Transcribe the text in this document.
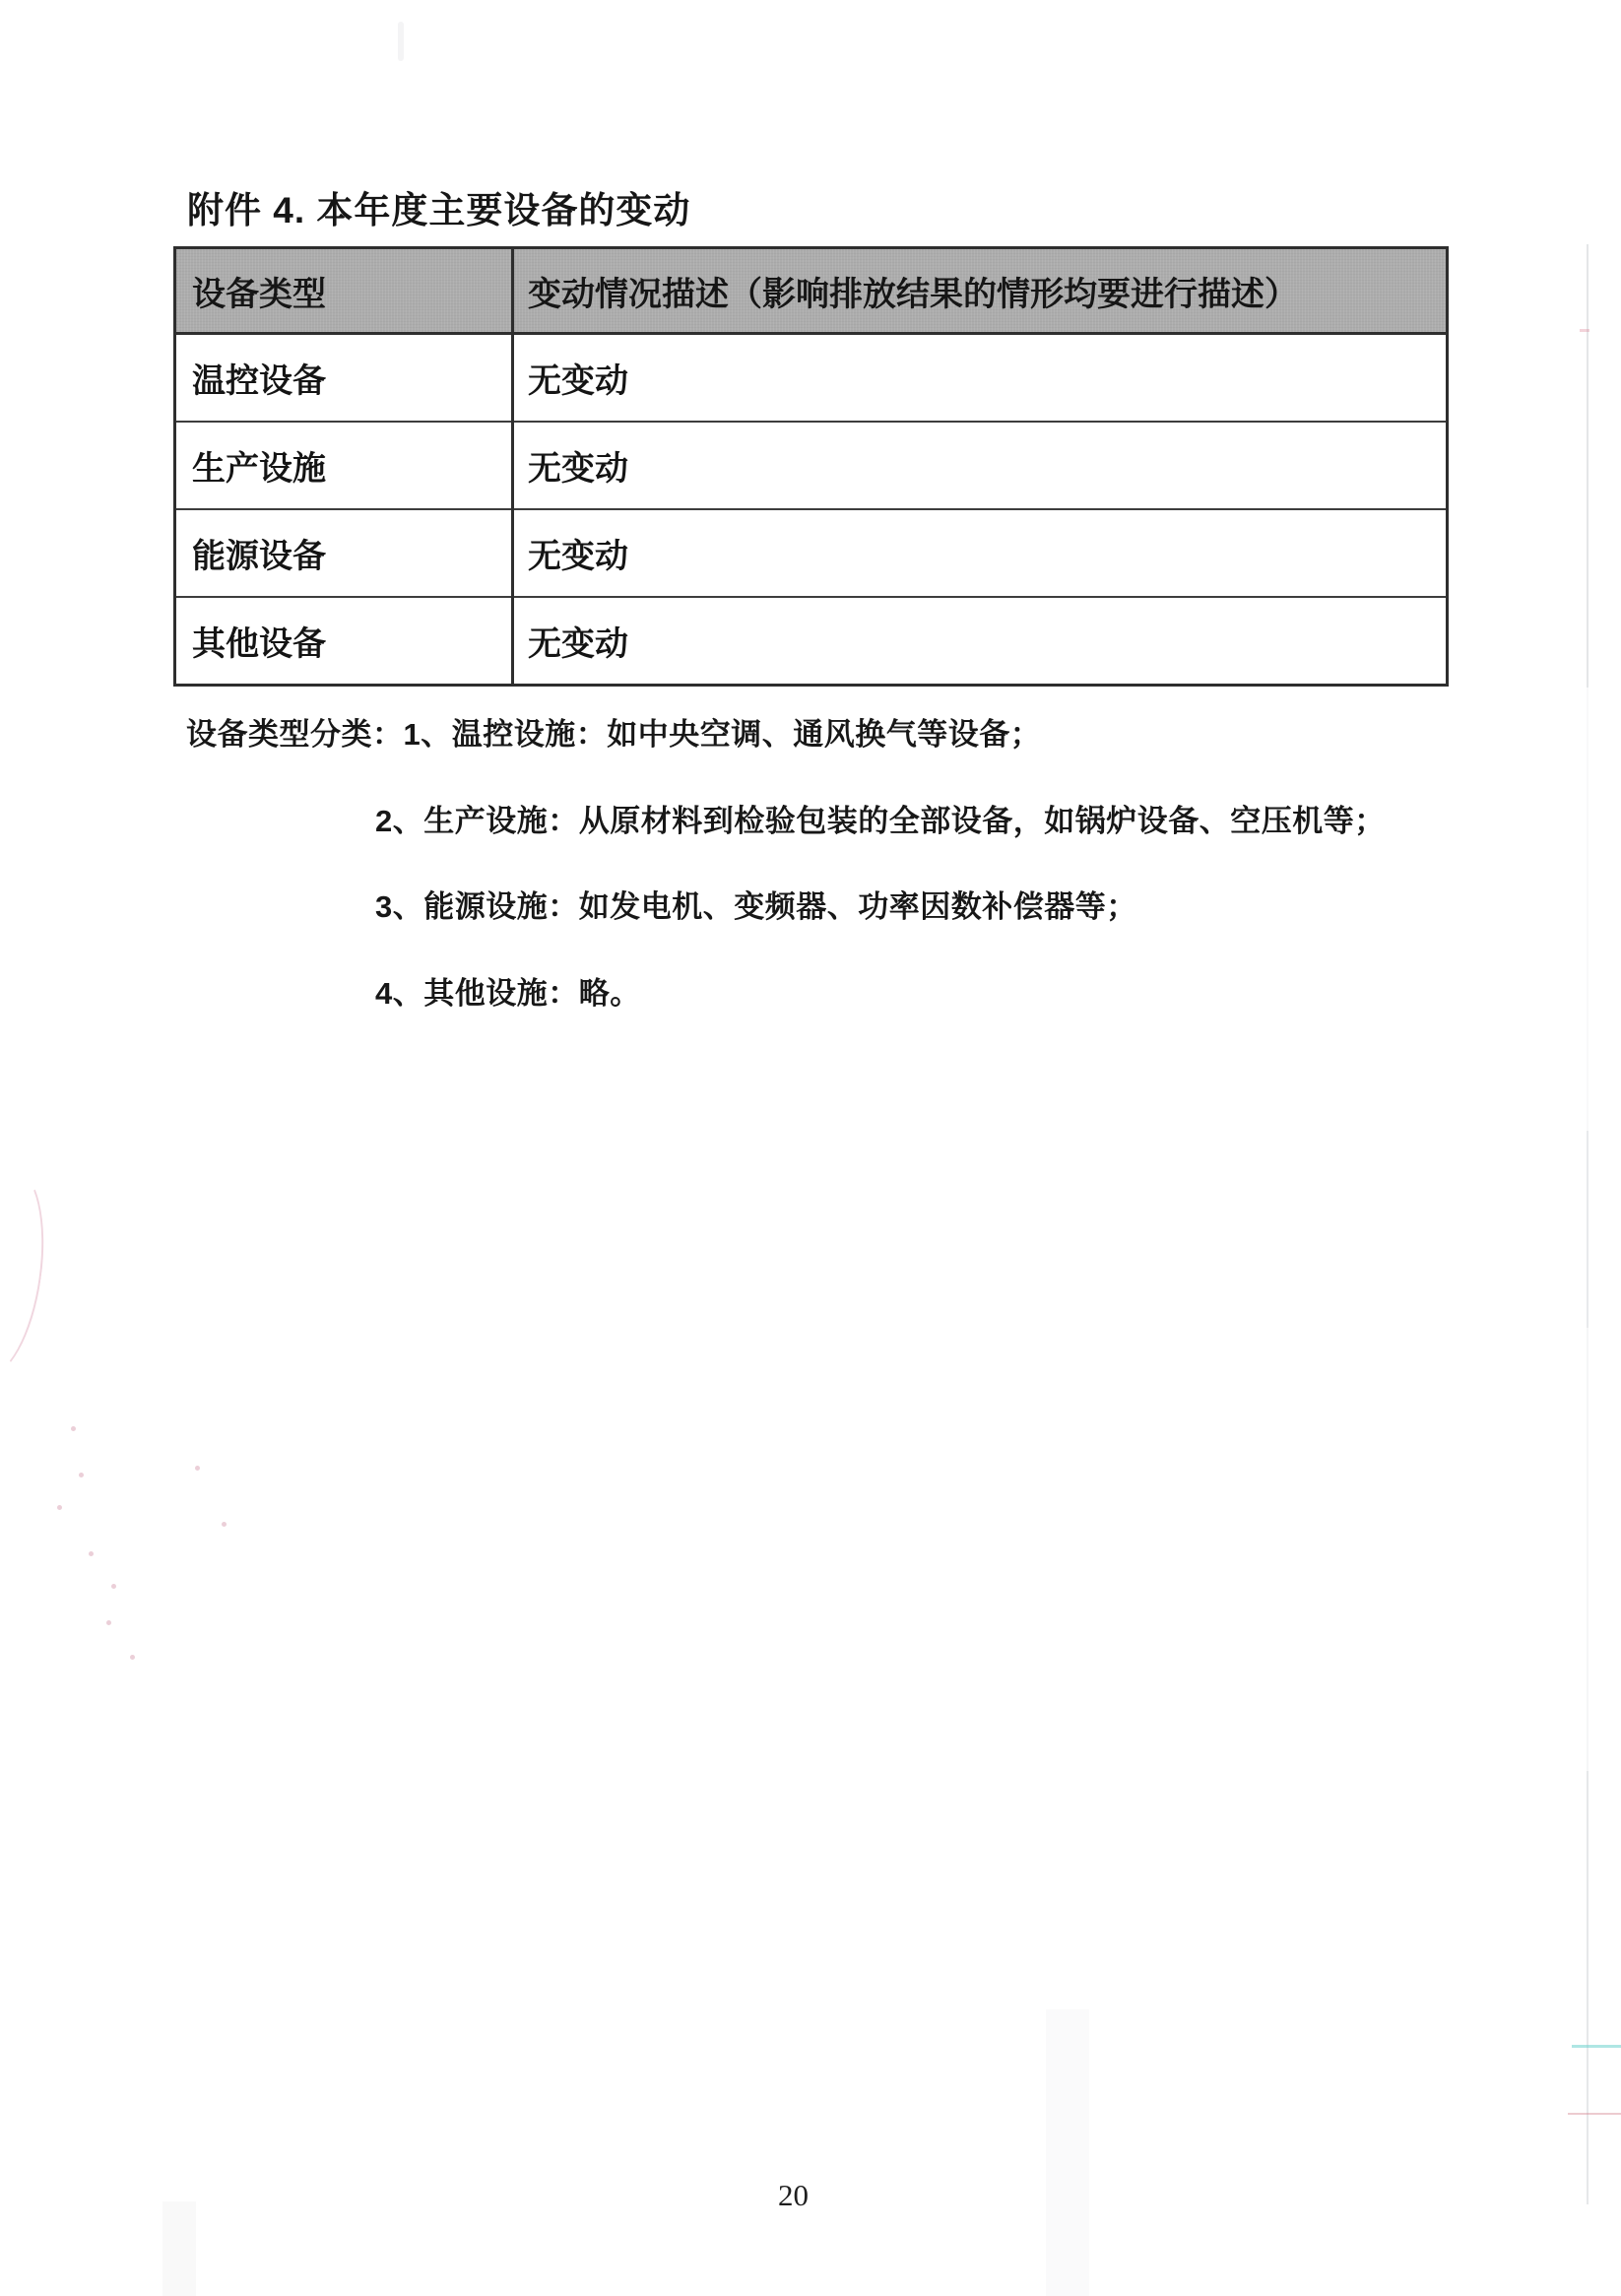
附件 4. 本年度主要设备的变动
设备类型	变动情况描述（影响排放结果的情形均要进行描述）
温控设备	无变动
生产设施	无变动
能源设备	无变动
其他设备	无变动
设备类型分类：1、温控设施：如中央空调、通风换气等设备；
2、生产设施：从原材料到检验包装的全部设备，如锅炉设备、空压机等；
3、能源设施：如发电机、变频器、功率因数补偿器等；
4、其他设施：略。
20
